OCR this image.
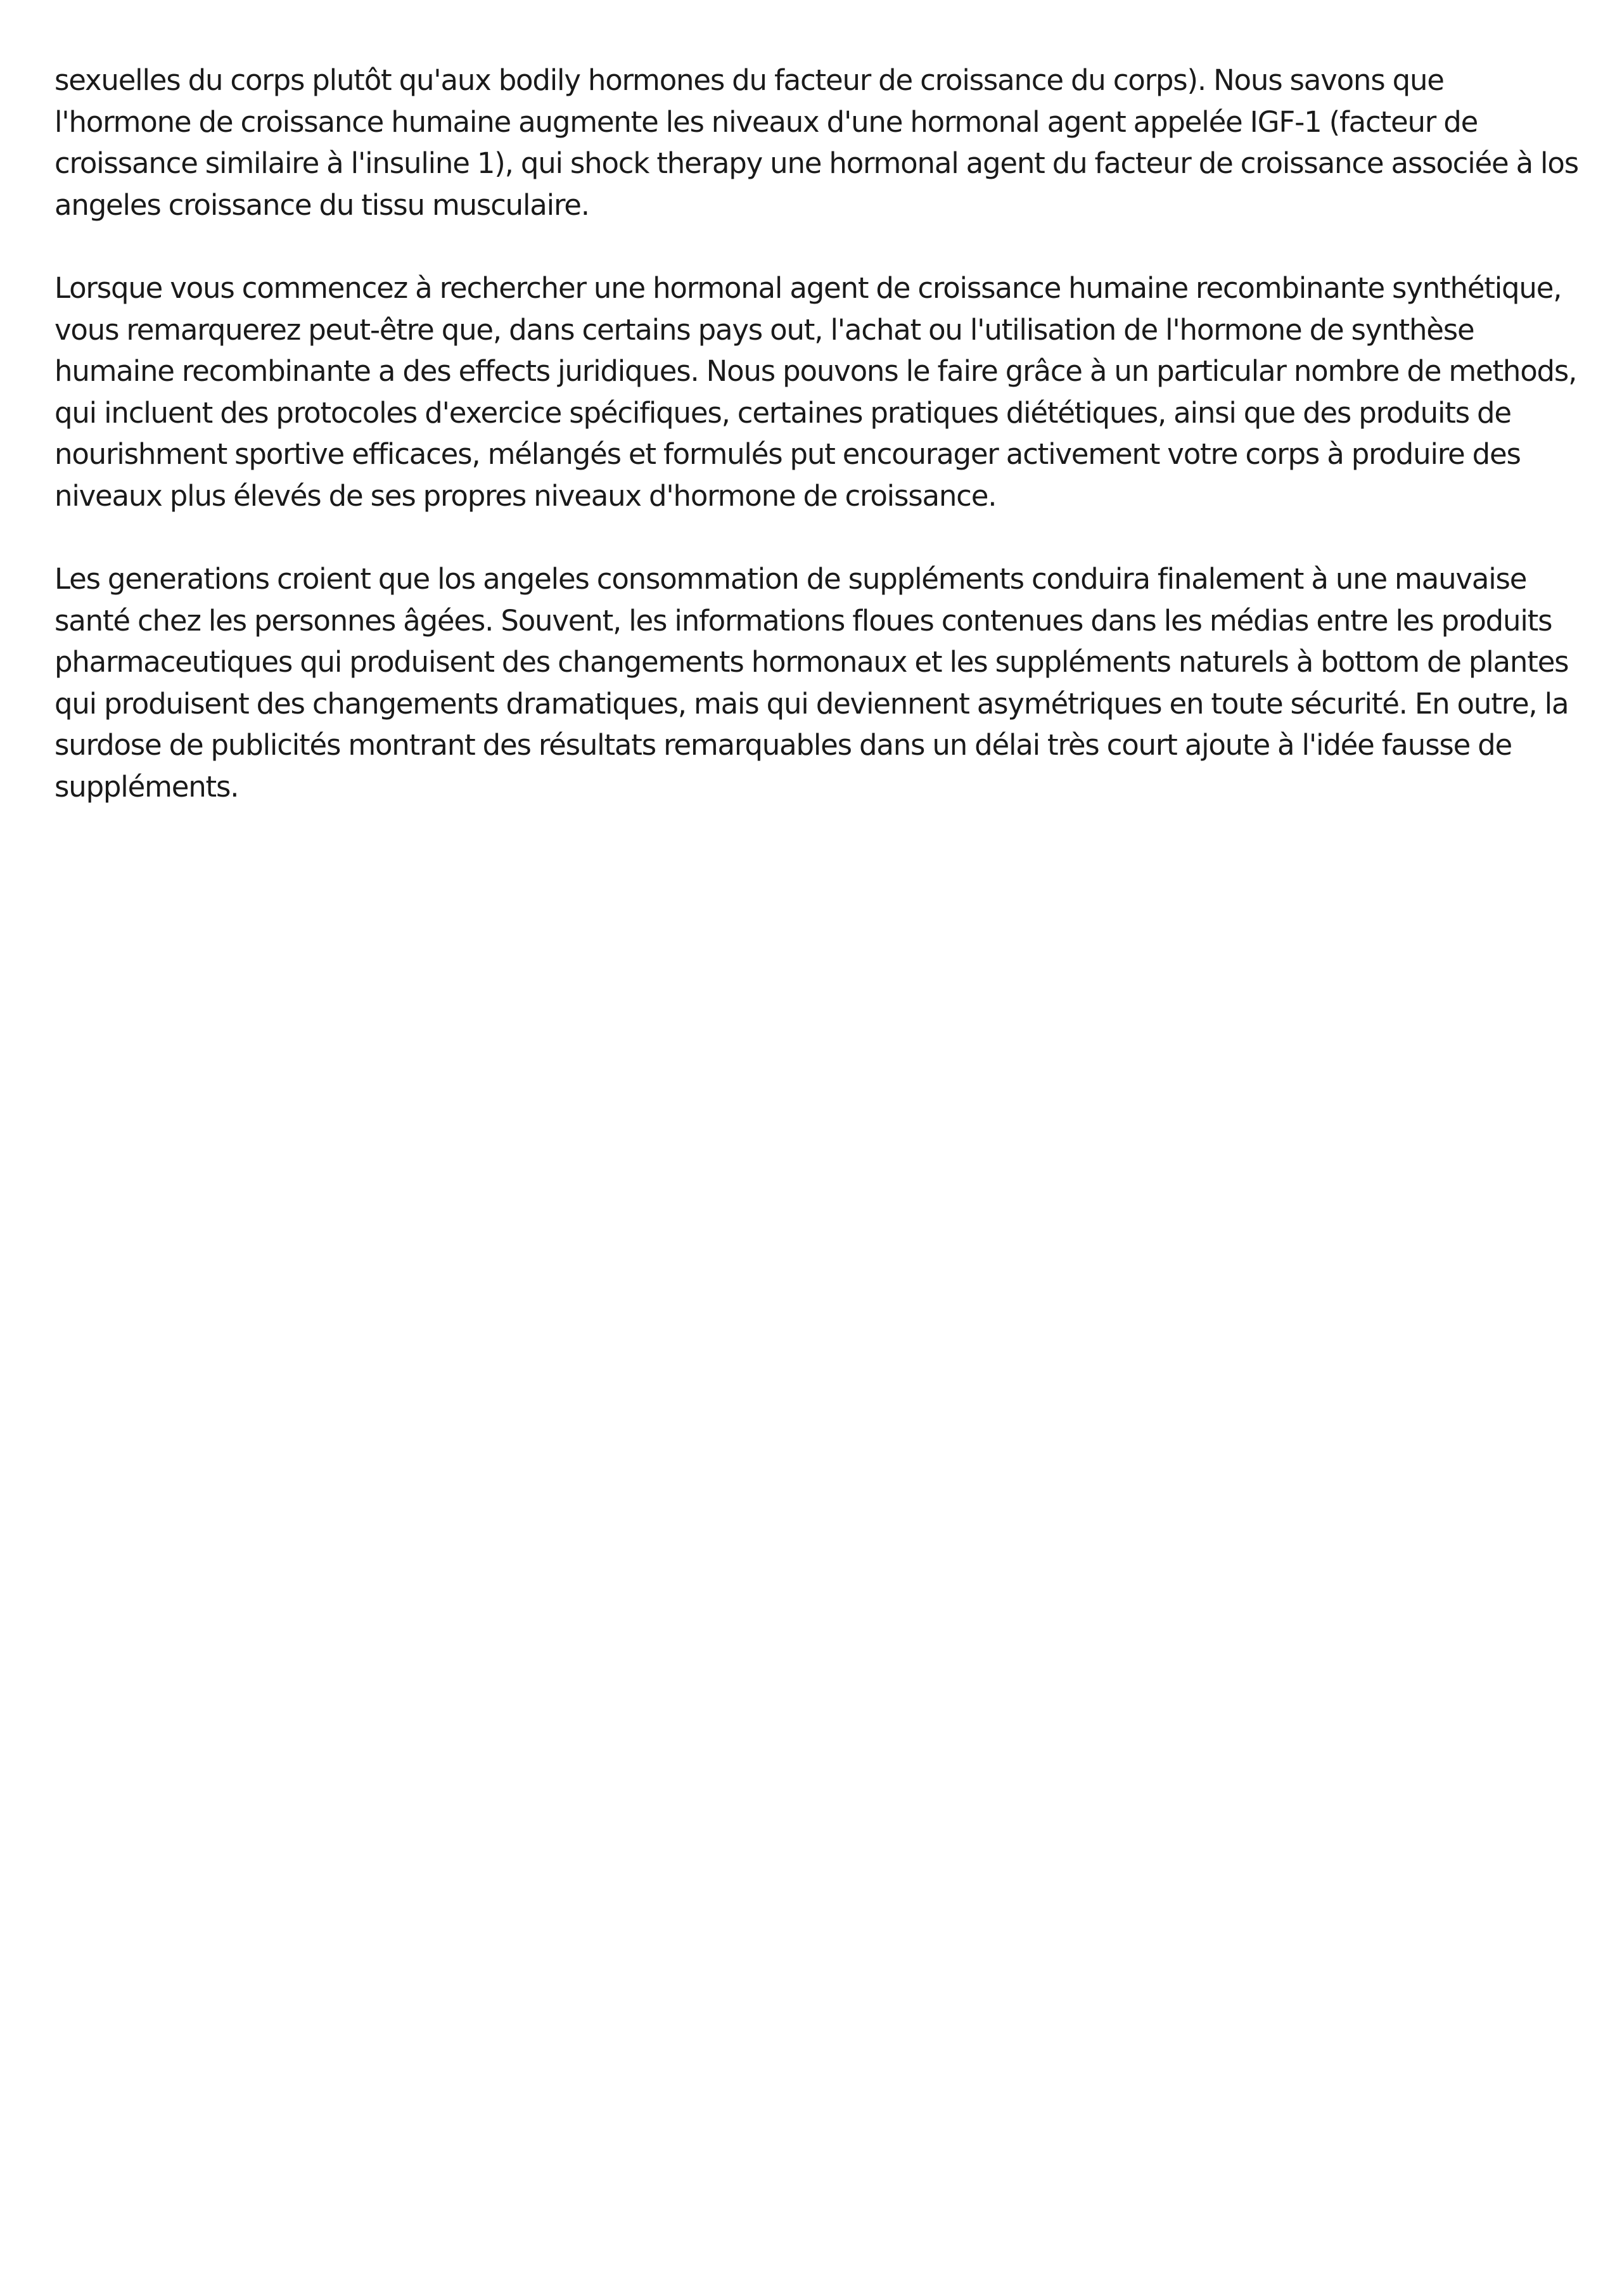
sexuelles du corps plutôt qu'aux bodily hormones du facteur de croissance du corps). Nous savons que l'hormone de croissance humaine augmente les niveaux d'une hormonal agent appelée IGF-1 (facteur de croissance similaire à l'insuline 1), qui shock therapy une hormonal agent du facteur de croissance associée à los angeles croissance du tissu musculaire.

Lorsque vous commencez à rechercher une hormonal agent de croissance humaine recombinante synthétique, vous remarquerez peut-être que, dans certains pays out, l'achat ou l'utilisation de l'hormone de synthèse humaine recombinante a des effects juridiques. Nous pouvons le faire grâce à un particular nombre de methods, qui incluent des protocoles d'exercice spécifiques, certaines pratiques diététiques, ainsi que des produits de nourishment sportive efficaces, mélangés et formulés put encourager activement votre corps à produire des niveaux plus élevés de ses propres niveaux d'hormone de croissance.

Les generations croient que los angeles consommation de suppléments conduira finalement à une mauvaise santé chez les personnes âgées. Souvent, les informations floues contenues dans les médias entre les produits pharmaceutiques qui produisent des changements hormonaux et les suppléments naturels à bottom de plantes qui produisent des changements dramatiques, mais qui deviennent asymétriques en toute sécurité. En outre, la surdose de publicités montrant des résultats remarquables dans un délai très court ajoute à l'idée fausse de suppléments.
